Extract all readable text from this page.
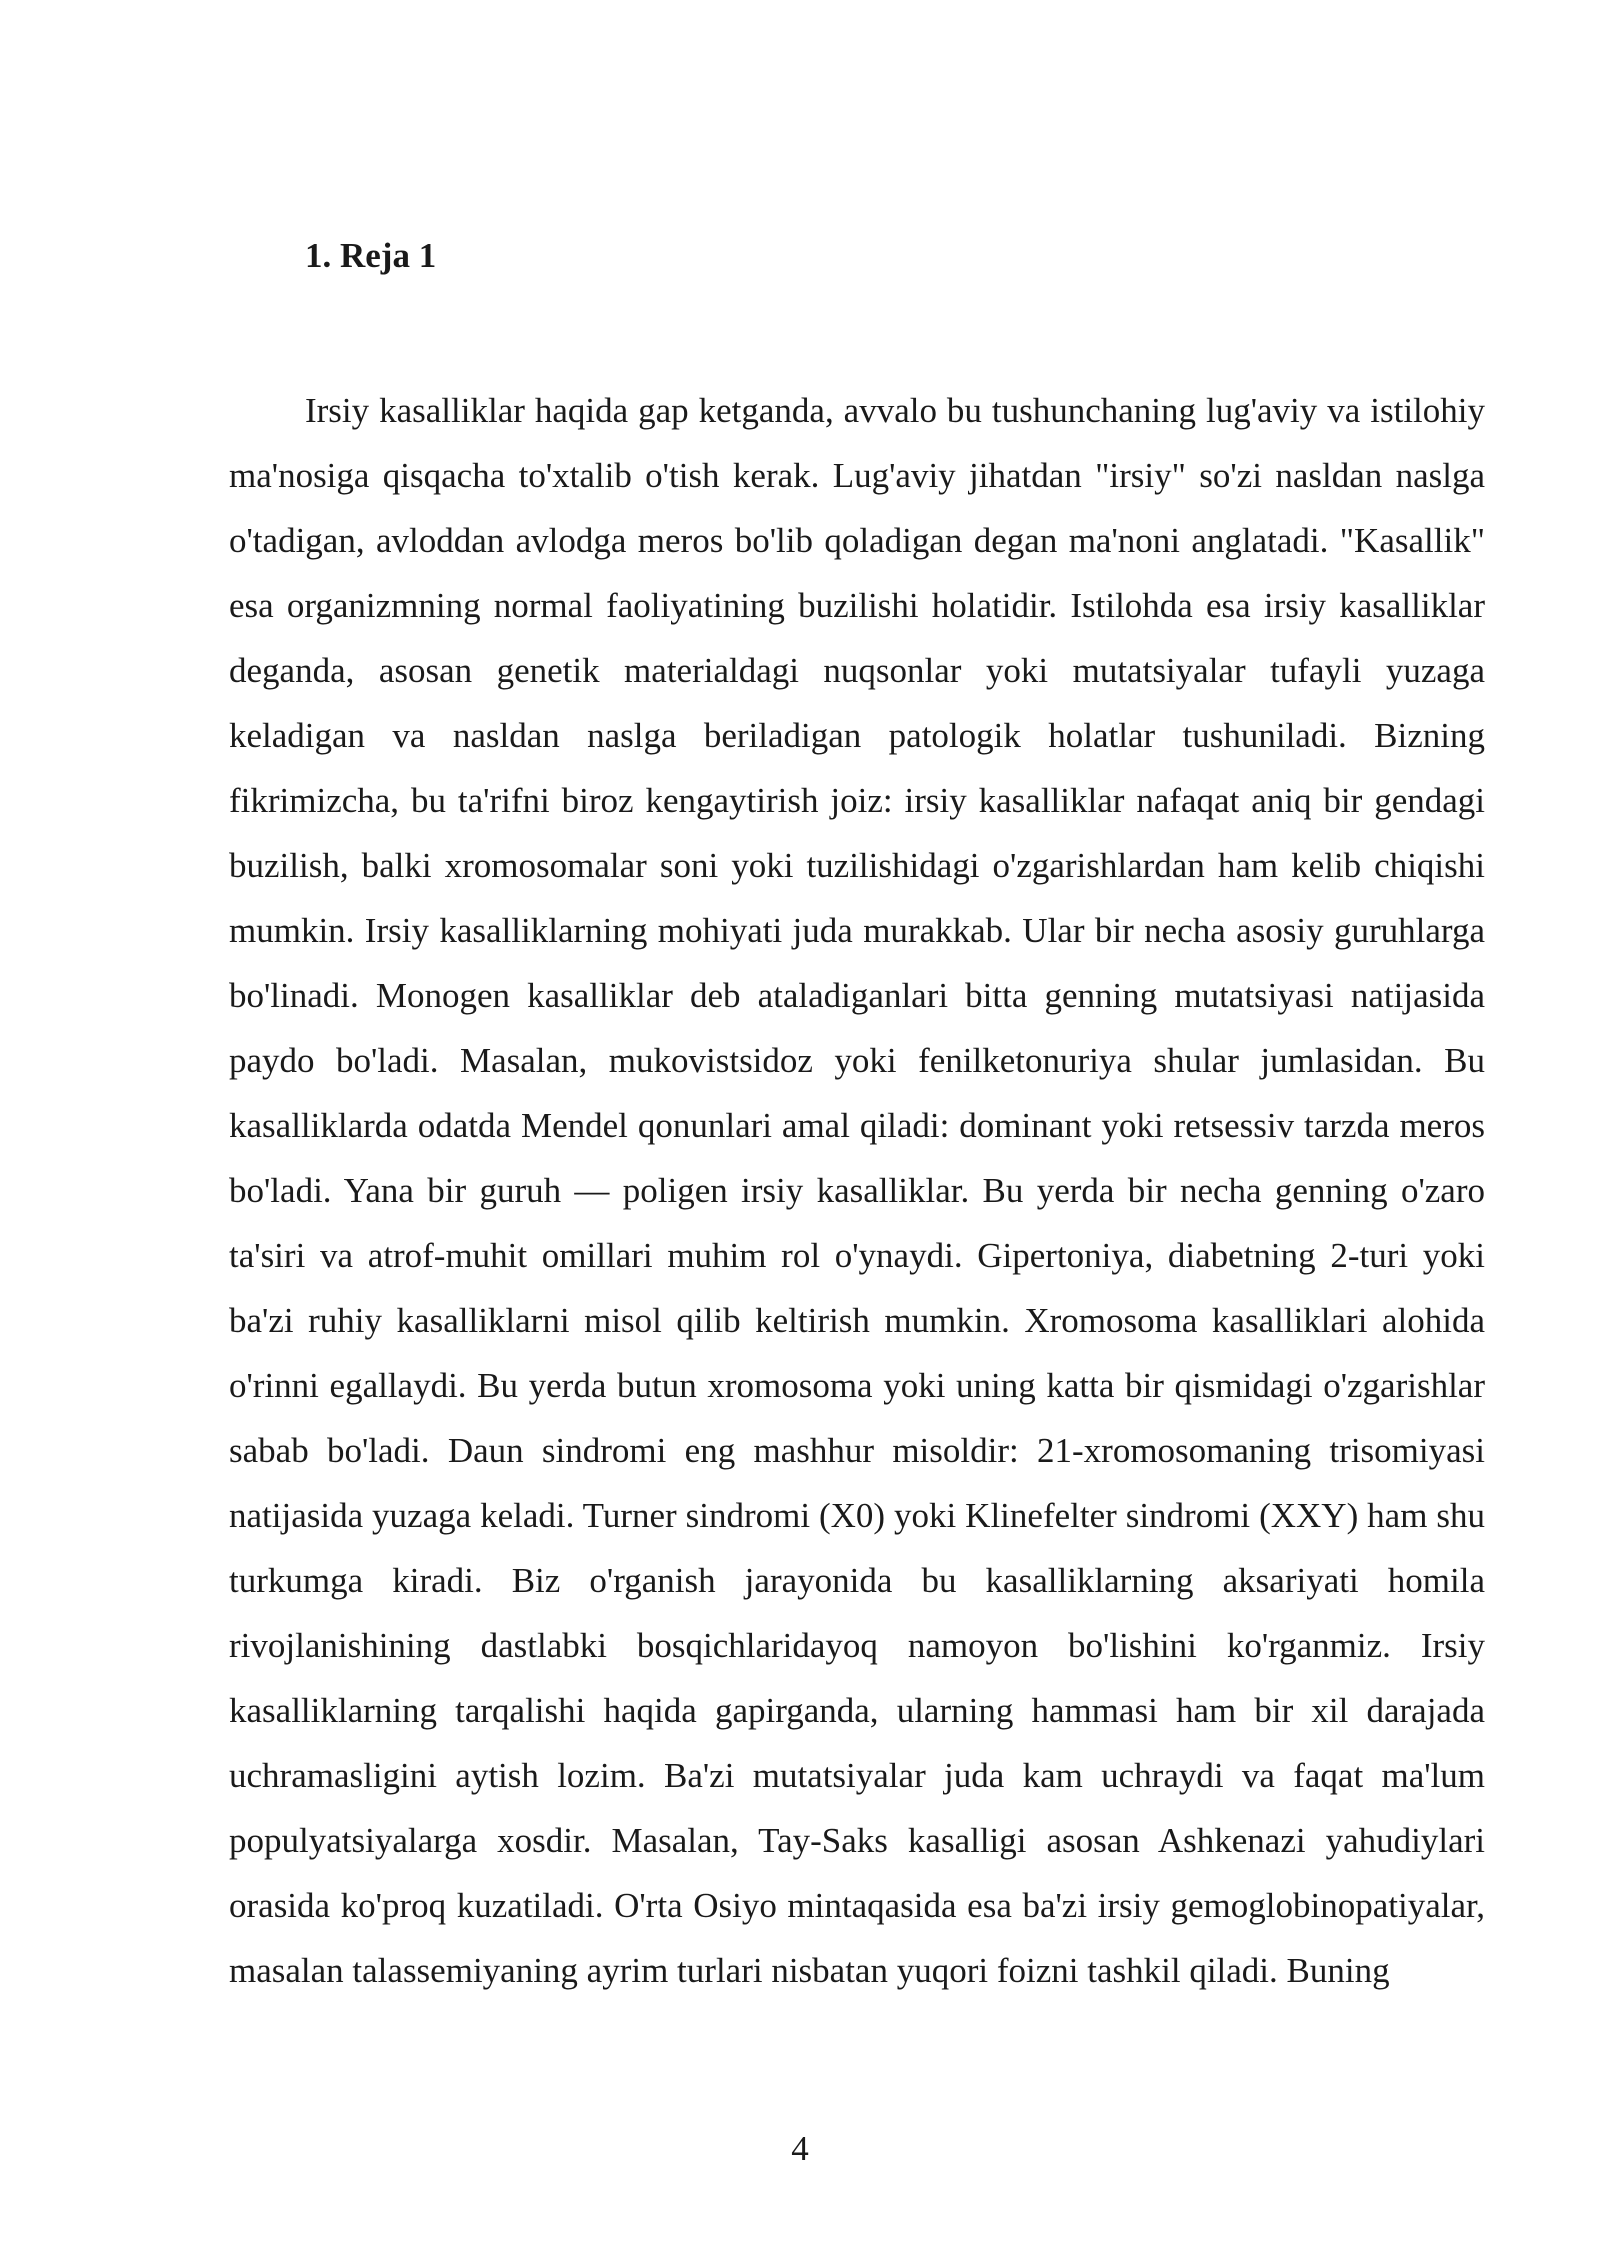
1. Reja 1

Irsiy kasalliklar haqida gap ketganda, avvalo bu tushunchaning lug'aviy va istilohiy ma'nosiga qisqacha to'xtalib o'tish kerak. Lug'aviy jihatdan "irsiy" so'zi nasldan naslga o'tadigan, avloddan avlodga meros bo'lib qoladigan degan ma'noni anglatadi. "Kasallik" esa organizmning normal faoliyatining buzilishi holatidir. Istilohda esa irsiy kasalliklar deganda, asosan genetik materialdagi nuqsonlar yoki mutatsiyalar tufayli yuzaga keladigan va nasldan naslga beriladigan patologik holatlar tushuniladi. Bizning fikrimizcha, bu ta'rifni biroz kengaytirish joiz: irsiy kasalliklar nafaqat aniq bir gendagi buzilish, balki xromosomalar soni yoki tuzilishidagi o'zgarishlardan ham kelib chiqishi mumkin. Irsiy kasalliklarning mohiyati juda murakkab. Ular bir necha asosiy guruhlarga bo'linadi. Monogen kasalliklar deb ataladiganlari bitta genning mutatsiyasi natijasida paydo bo'ladi. Masalan, mukovistsidoz yoki fenilketonuriya shular jumlasidan. Bu kasalliklarda odatda Mendel qonunlari amal qiladi: dominant yoki retsessiv tarzda meros bo'ladi. Yana bir guruh — poligen irsiy kasalliklar. Bu yerda bir necha genning o'zaro ta'siri va atrof-muhit omillari muhim rol o'ynaydi. Gipertoniya, diabetning 2-turi yoki ba'zi ruhiy kasalliklarni misol qilib keltirish mumkin. Xromosoma kasalliklari alohida o'rinni egallaydi. Bu yerda butun xromosoma yoki uning katta bir qismidagi o'zgarishlar sabab bo'ladi. Daun sindromi eng mashhur misoldir: 21-xromosomaning trisomiyasi natijasida yuzaga keladi. Turner sindromi (X0) yoki Klinefelter sindromi (XXY) ham shu turkumga kiradi. Biz o'rganish jarayonida bu kasalliklarning aksariyati homila rivojlanishining dastlabki bosqichlaridayoq namoyon bo'lishini ko'rganmiz. Irsiy kasalliklarning tarqalishi haqida gapirganda, ularning hammasi ham bir xil darajada uchramasligini aytish lozim. Ba'zi mutatsiyalar juda kam uchraydi va faqat ma'lum populyatsiyalarga xosdir. Masalan, Tay-Saks kasalligi asosan Ashkenazi yahudiylari orasida ko'proq kuzatiladi. O'rta Osiyo mintaqasida esa ba'zi irsiy gemoglobinopatiyalar, masalan talassemiyaning ayrim turlari nisbatan yuqori foizni tashkil qiladi. Buning

4
